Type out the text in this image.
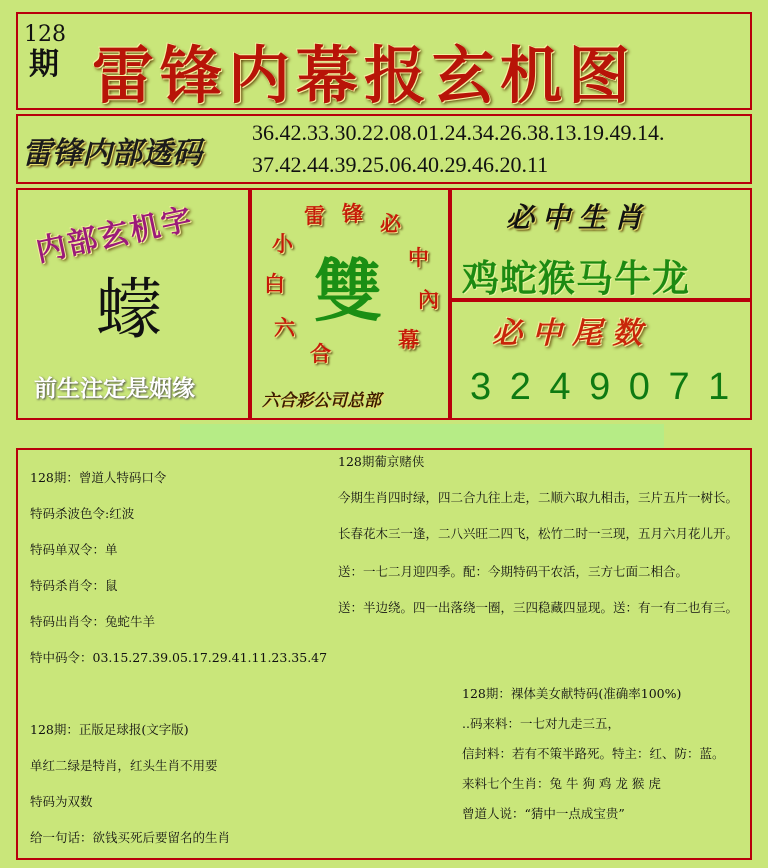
128
期 雷锋内幕报玄机图
雷锋内部透码
36.42.33.30.22.08.01.24.34.26.38.13.19.49.14.
37.42.44.39.25.06.40.29.46.20.11
内部玄机字
蠓
前生注定是姻缘
雙
白
小
雷 锋 必
中
內
幕
六
合
六合彩公司总部
必中生肖
鸡蛇猴马牛龙
必中尾数
3 2 4 9 0 7 1
128期：曾道人特码口令
特码杀波色令:红波
特码单双令：单
特码杀肖令：鼠
特码出肖令：兔蛇牛羊
特中码令：03.15.27.39.05.17.29.41.11.23.35.47
128期葡京赌侠
今期生肖四时绿，四二合九往上走，二顺六取九相击，三片五片一树长。
长春花木三一逢，二八兴旺二四飞，松竹二时一三现，五月六月花儿开。
送：一七二月迎四季。配：今期特码干农活，三方七面二相合。
送：半边绕。四一出落绕一圈，三四稳藏四显现。送：有一有二也有三。
128期：正版足球报(文字版)
单红二绿是特肖，红头生肖不用要
特码为双数
给一句话：欲钱买死后要留名的生肖
128期：裸体美女献特码(准确率100%)
..码来料：一七对九走三五，
信封料：若有不策半路死。特主：红、防：蓝。
来料七个生肖：兔 牛 狗 鸡 龙 猴 虎
曾道人说：“猜中一点成宝贵”
